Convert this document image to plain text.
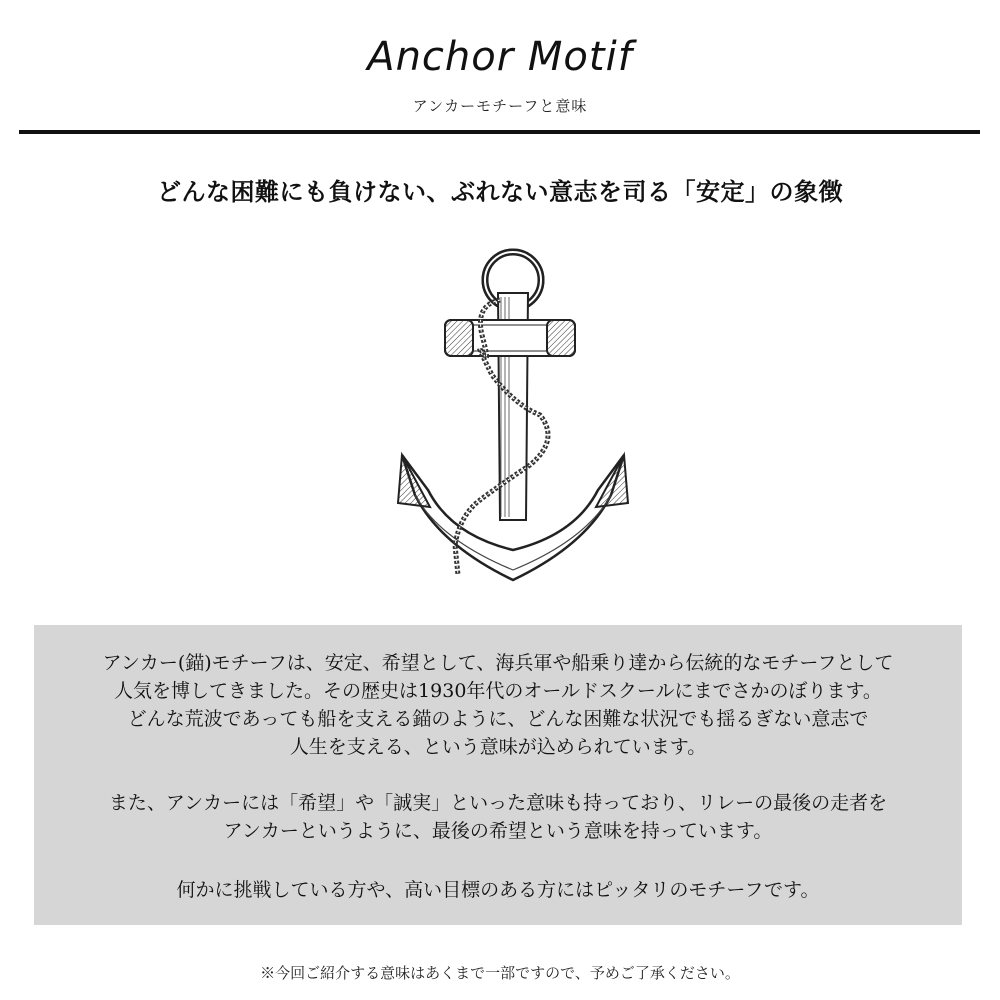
Anchor Motif
アンカーモチーフと意味
どんな困難にも負けない、ぶれない意志を司る「安定」の象徴
アンカー(錨)モチーフは、安定、希望として、海兵軍や船乗り達から伝統的なモチーフとして
人気を博してきました。その歴史は1930年代のオールドスクールにまでさかのぼります。
どんな荒波であっても船を支える錨のように、どんな困難な状況でも揺るぎない意志で
人生を支える、という意味が込められています。
また、アンカーには「希望」や「誠実」といった意味も持っており、リレーの最後の走者を
アンカーというように、最後の希望という意味を持っています。
何かに挑戦している方や、高い目標のある方にはピッタリのモチーフです。
※今回ご紹介する意味はあくまで一部ですので、予めご了承ください。
